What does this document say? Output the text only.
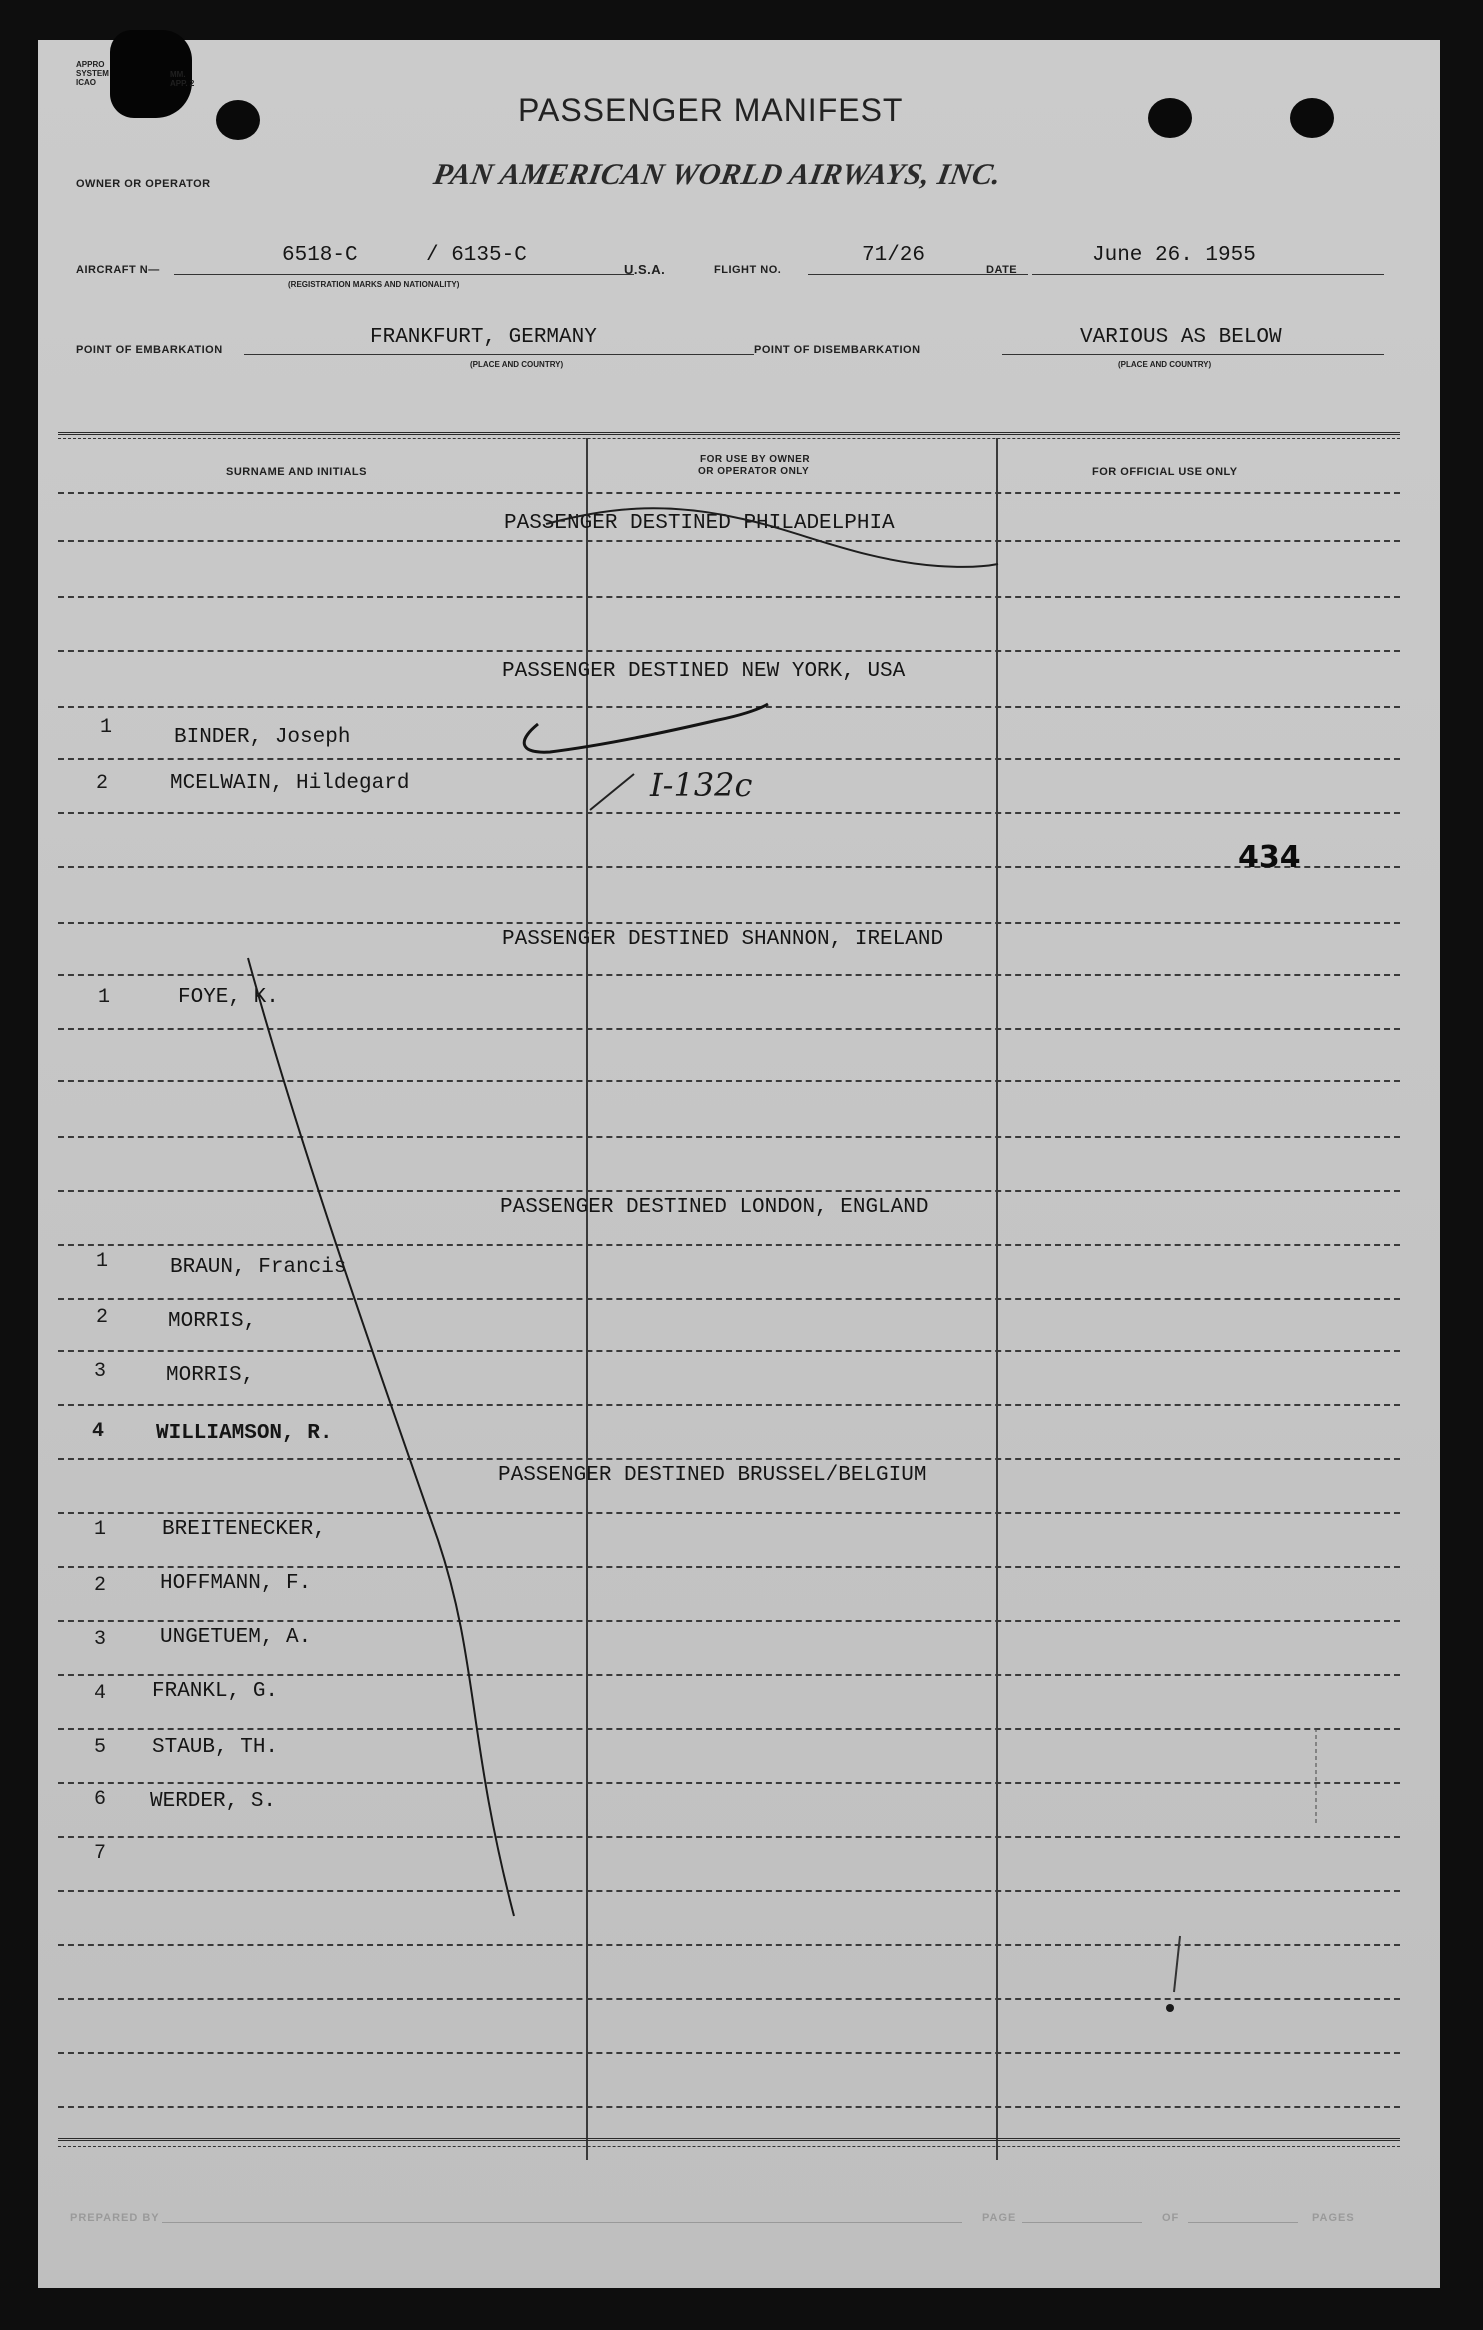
APPRO
SYSTEM
ICAO
MM.
APP. 2
PASSENGER MANIFEST
OWNER OR OPERATOR	PAN AMERICAN WORLD AIRWAYS, INC.
AIRCRAFT N—
6518-C	/ 6135-C
(REGISTRATION MARKS AND NATIONALITY)
U.S.A.	FLIGHT NO.
71/26
DATE
June 26. 1955
POINT OF EMBARKATION
FRANKFURT, GERMANY
(PLACE AND COUNTRY)
POINT OF DISEMBARKATION
VARIOUS AS BELOW
(PLACE AND COUNTRY)
SURNAME AND INITIALS
FOR USE BY OWNER
OR OPERATOR ONLY	FOR OFFICIAL USE ONLY
PASSENGER DESTINED PHILADELPHIA
PASSENGER DESTINED NEW YORK, USA
PASSENGER DESTINED SHANNON, IRELAND
PASSENGER DESTINED LONDON, ENGLAND
PASSENGER DESTINED BRUSSEL/BELGIUM
1	BINDER, Joseph
2	MCELWAIN, Hildegard
1	FOYE, K.
1	BRAUN, Francis
2	MORRIS,
3	MORRIS,
4 WILLIAMSON, R.
1	BREITENECKER,
2	HOFFMANN, F.
3	UNGETUEM, A.
4 FRANKL, G.
5 STAUB, TH.
6 WERDER, S.
7
I-132c
434
PREPARED BY	PAGE	OF	PAGES
